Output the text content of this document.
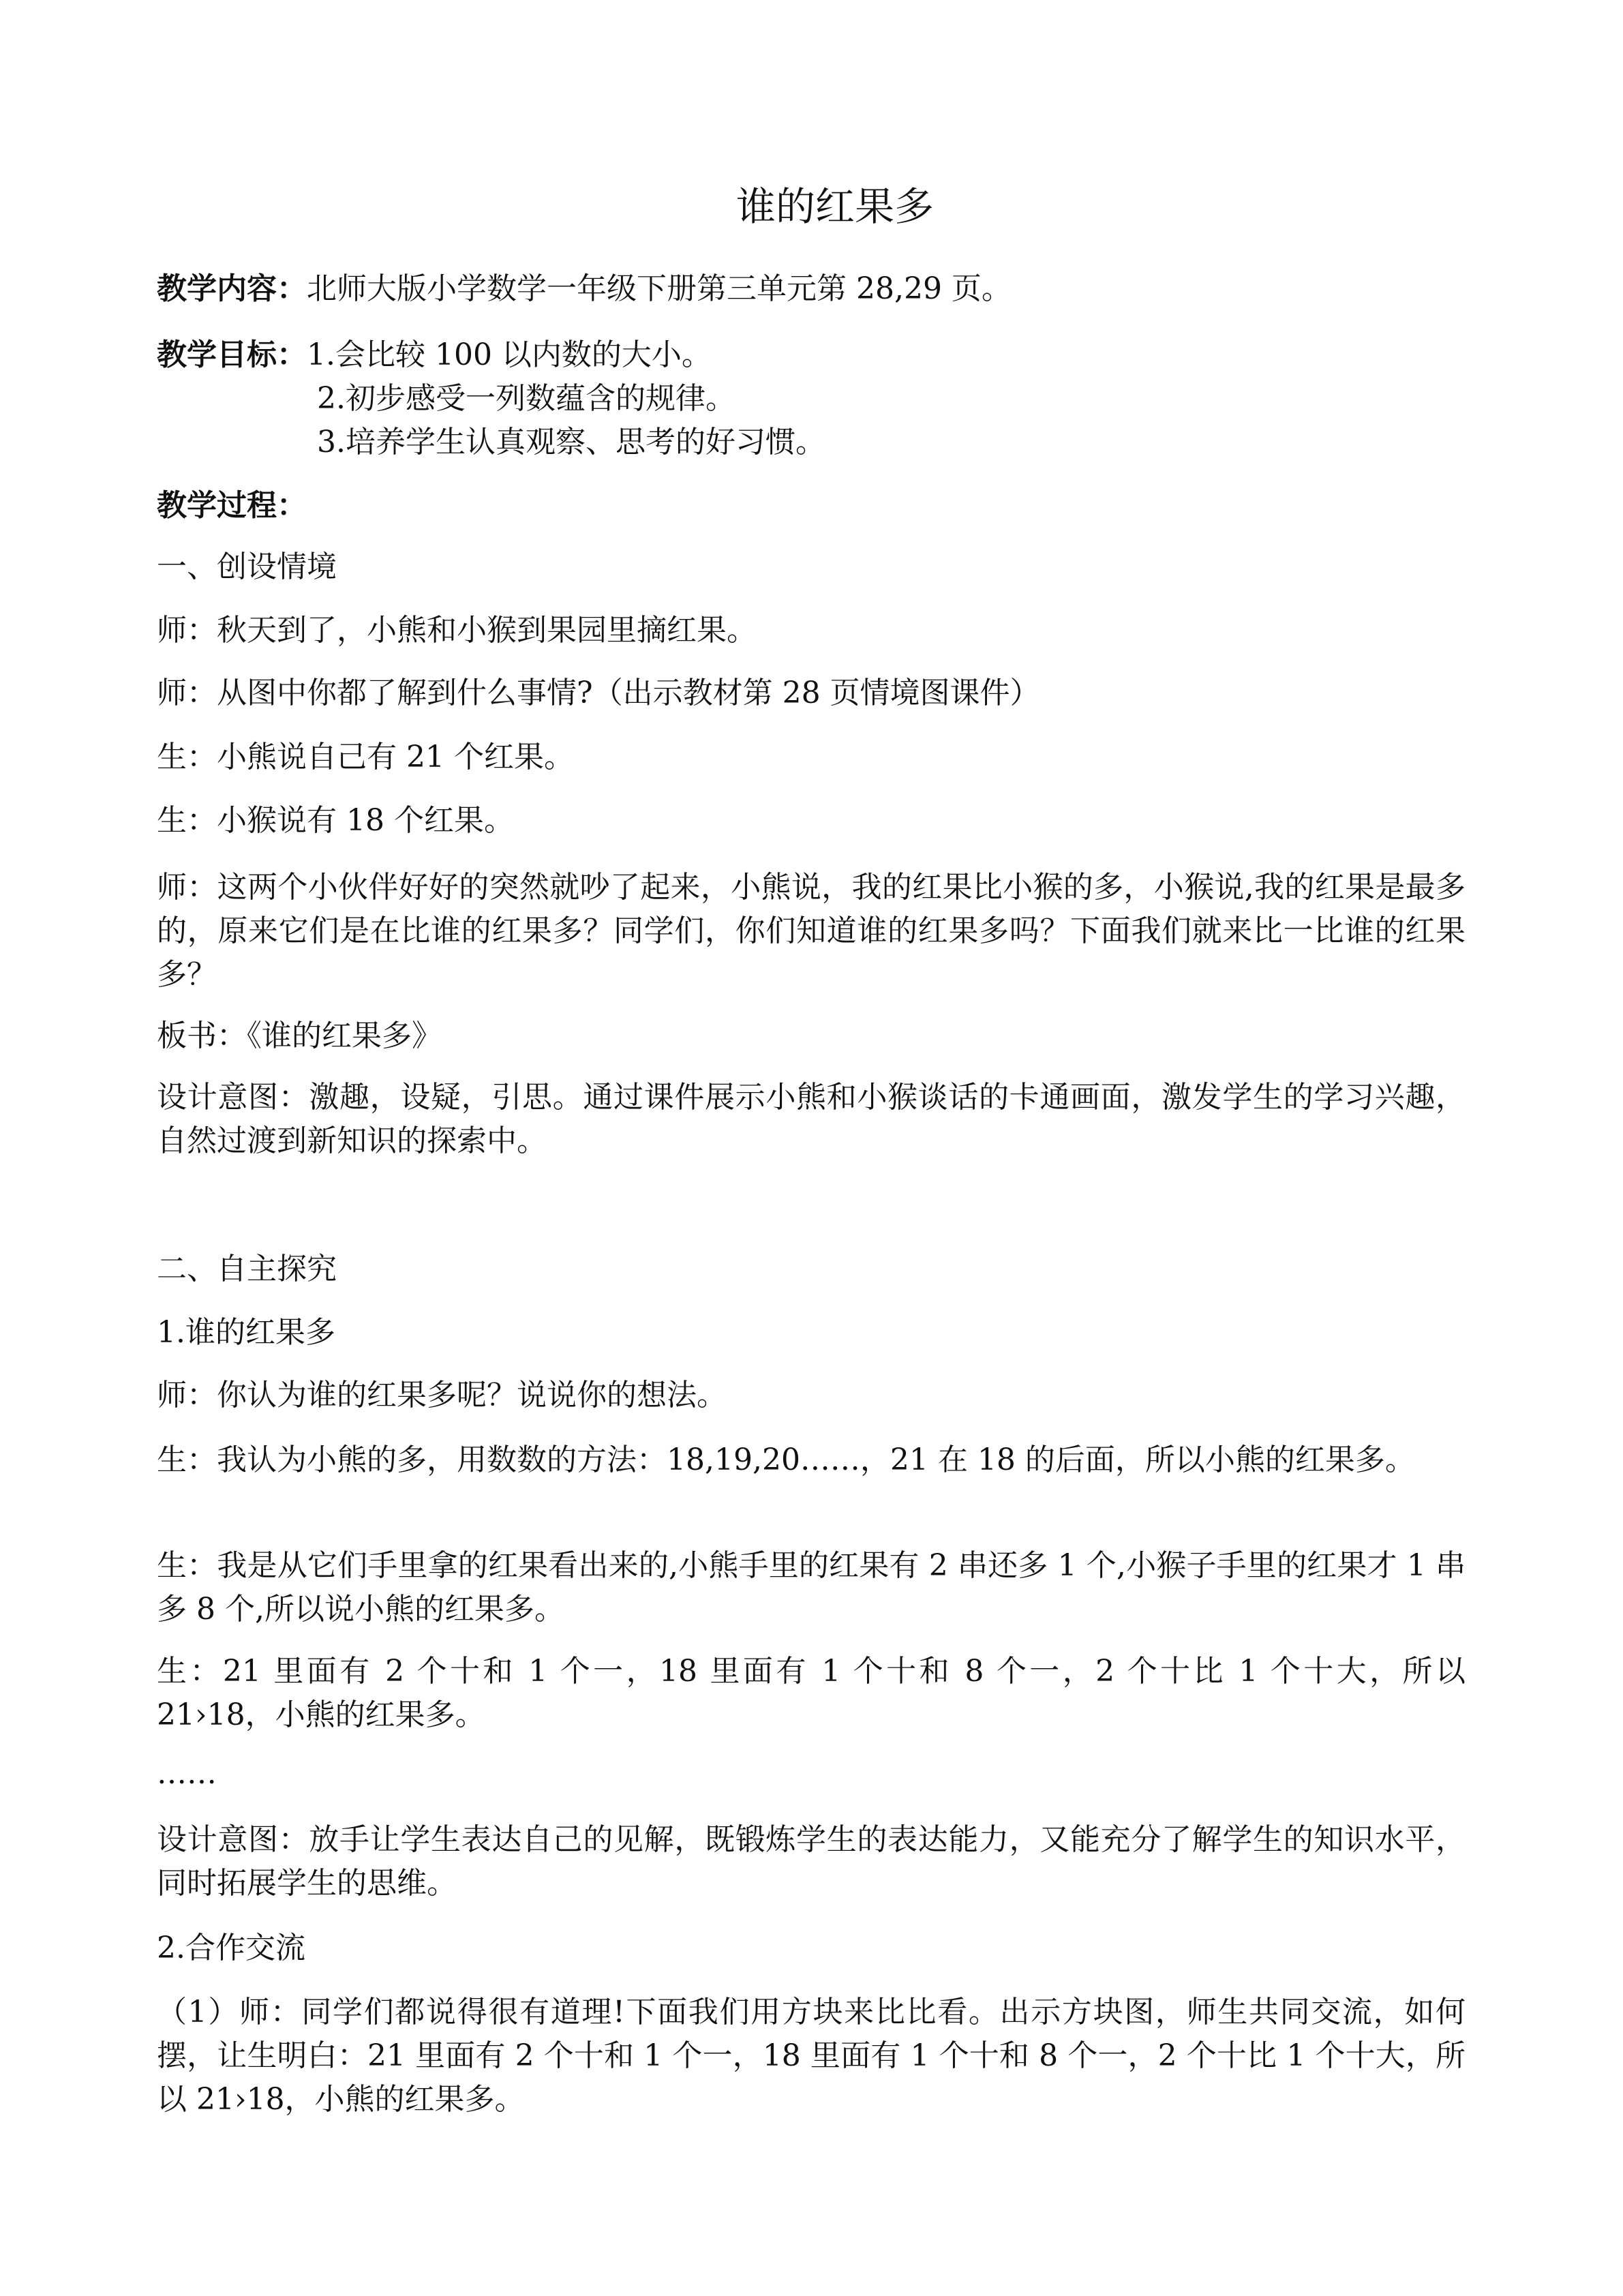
谁的红果多
教学内容：北师大版小学数学一年级下册第三单元第 28,29 页。
教学目标：1.会比较 100 以内数的大小。
2.初步感受一列数蕴含的规律。
3.培养学生认真观察、思考的好习惯。
教学过程：

一、创设情境

师：秋天到了，小熊和小猴到果园里摘红果。

师：从图中你都了解到什么事情?（出示教材第 28 页情境图课件）

生：小熊说自己有 21 个红果。

生：小猴说有 18 个红果。

师：这两个小伙伴好好的突然就吵了起来，小熊说，我的红果比小猴的多，小猴说,我的红果是最多的，原来它们是在比谁的红果多？同学们，你们知道谁的红果多吗？下面我们就来比一比谁的红果多？

板书：《谁的红果多》

设计意图：激趣，设疑，引思。通过课件展示小熊和小猴谈话的卡通画面，激发学生的学习兴趣，自然过渡到新知识的探索中。

二、自主探究

1.谁的红果多

师：你认为谁的红果多呢？说说你的想法。

生：我认为小熊的多，用数数的方法：18,19,20……，21 在 18 的后面，所以小熊的红果多。

生：我是从它们手里拿的红果看出来的,小熊手里的红果有 2 串还多 1 个,小猴子手里的红果才 1 串多 8 个,所以说小熊的红果多。

生：21 里面有 2 个十和 1 个一，18 里面有 1 个十和 8 个一，2 个十比 1 个十大，所以 21›18，小熊的红果多。

……

设计意图：放手让学生表达自己的见解，既锻炼学生的表达能力，又能充分了解学生的知识水平，同时拓展学生的思维。

2.合作交流

（1）师：同学们都说得很有道理!下面我们用方块来比比看。出示方块图，师生共同交流，如何摆，让生明白：21 里面有 2 个十和 1 个一，18 里面有 1 个十和 8 个一，2 个十比 1 个十大，所以 21›18，小熊的红果多。
